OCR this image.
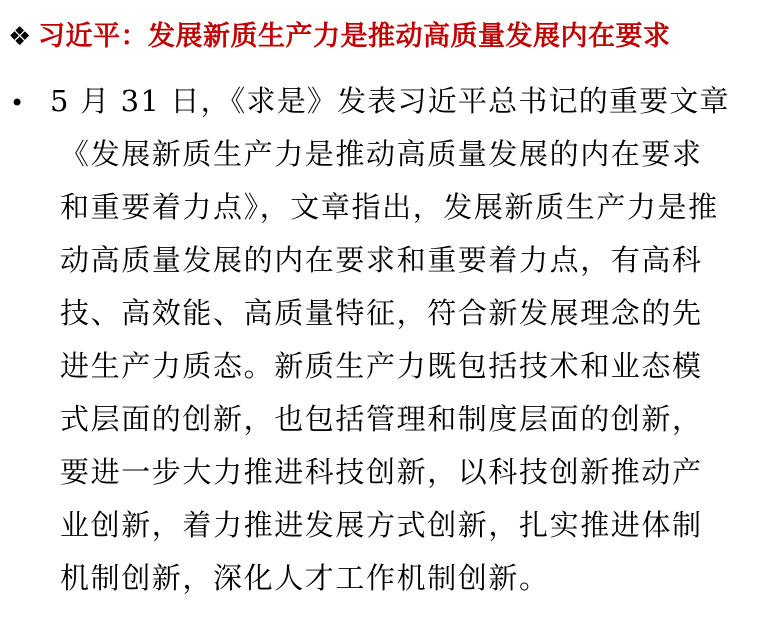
❖ 习近平：发展新质生产力是推动高质量发展内在要求
• 5 月 31 日，《求是》发表习近平总书记的重要文章
《发展新质生产力是推动高质量发展的内在要求
和重要着力点》，文章指出，发展新质生产力是推
动高质量发展的内在要求和重要着力点，有高科
技、高效能、高质量特征，符合新发展理念的先
进生产力质态。新质生产力既包括技术和业态模
式层面的创新，也包括管理和制度层面的创新，
要进一步大力推进科技创新，以科技创新推动产
业创新，着力推进发展方式创新，扎实推进体制
机制创新，深化人才工作机制创新。
